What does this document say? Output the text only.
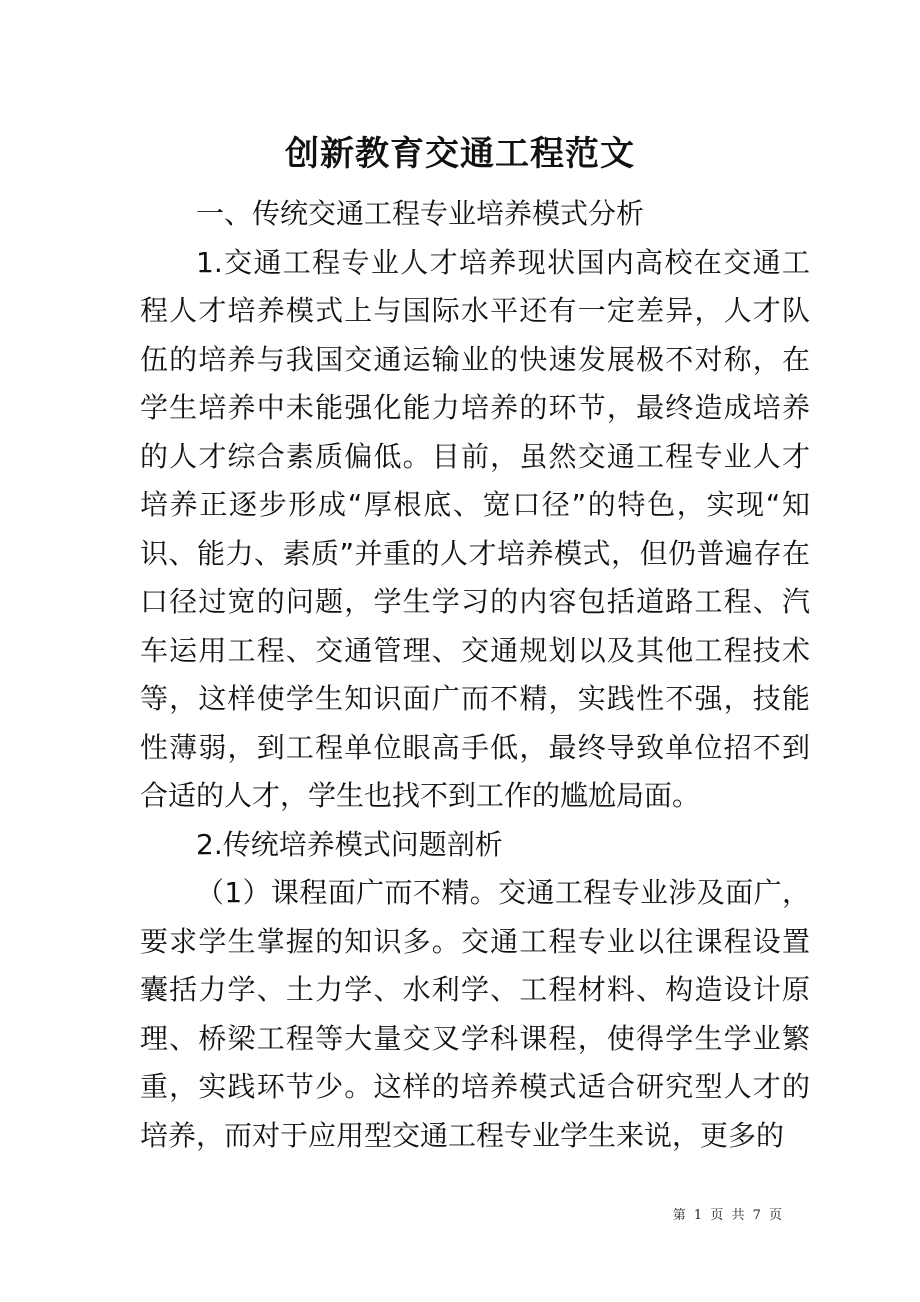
创新教育交通工程范文

一、传统交通工程专业培养模式分析

1.交通工程专业人才培养现状国内高校在交通工程人才培养模式上与国际水平还有一定差异，人才队伍的培养与我国交通运输业的快速发展极不对称，在学生培养中未能强化能力培养的环节，最终造成培养的人才综合素质偏低。目前，虽然交通工程专业人才培养正逐步形成“厚根底、宽口径”的特色，实现“知识、能力、素质”并重的人才培养模式，但仍普遍存在口径过宽的问题，学生学习的内容包括道路工程、汽车运用工程、交通管理、交通规划以及其他工程技术等，这样使学生知识面广而不精，实践性不强，技能性薄弱，到工程单位眼高手低，最终导致单位招不到合适的人才，学生也找不到工作的尴尬局面。

2.传统培养模式问题剖析

（1）课程面广而不精。交通工程专业涉及面广，要求学生掌握的知识多。交通工程专业以往课程设置囊括力学、土力学、水利学、工程材料、构造设计原理、桥梁工程等大量交叉学科课程，使得学生学业繁重，实践环节少。这样的培养模式适合研究型人才的培养，而对于应用型交通工程专业学生来说，更多的

第 1 页 共 7 页
